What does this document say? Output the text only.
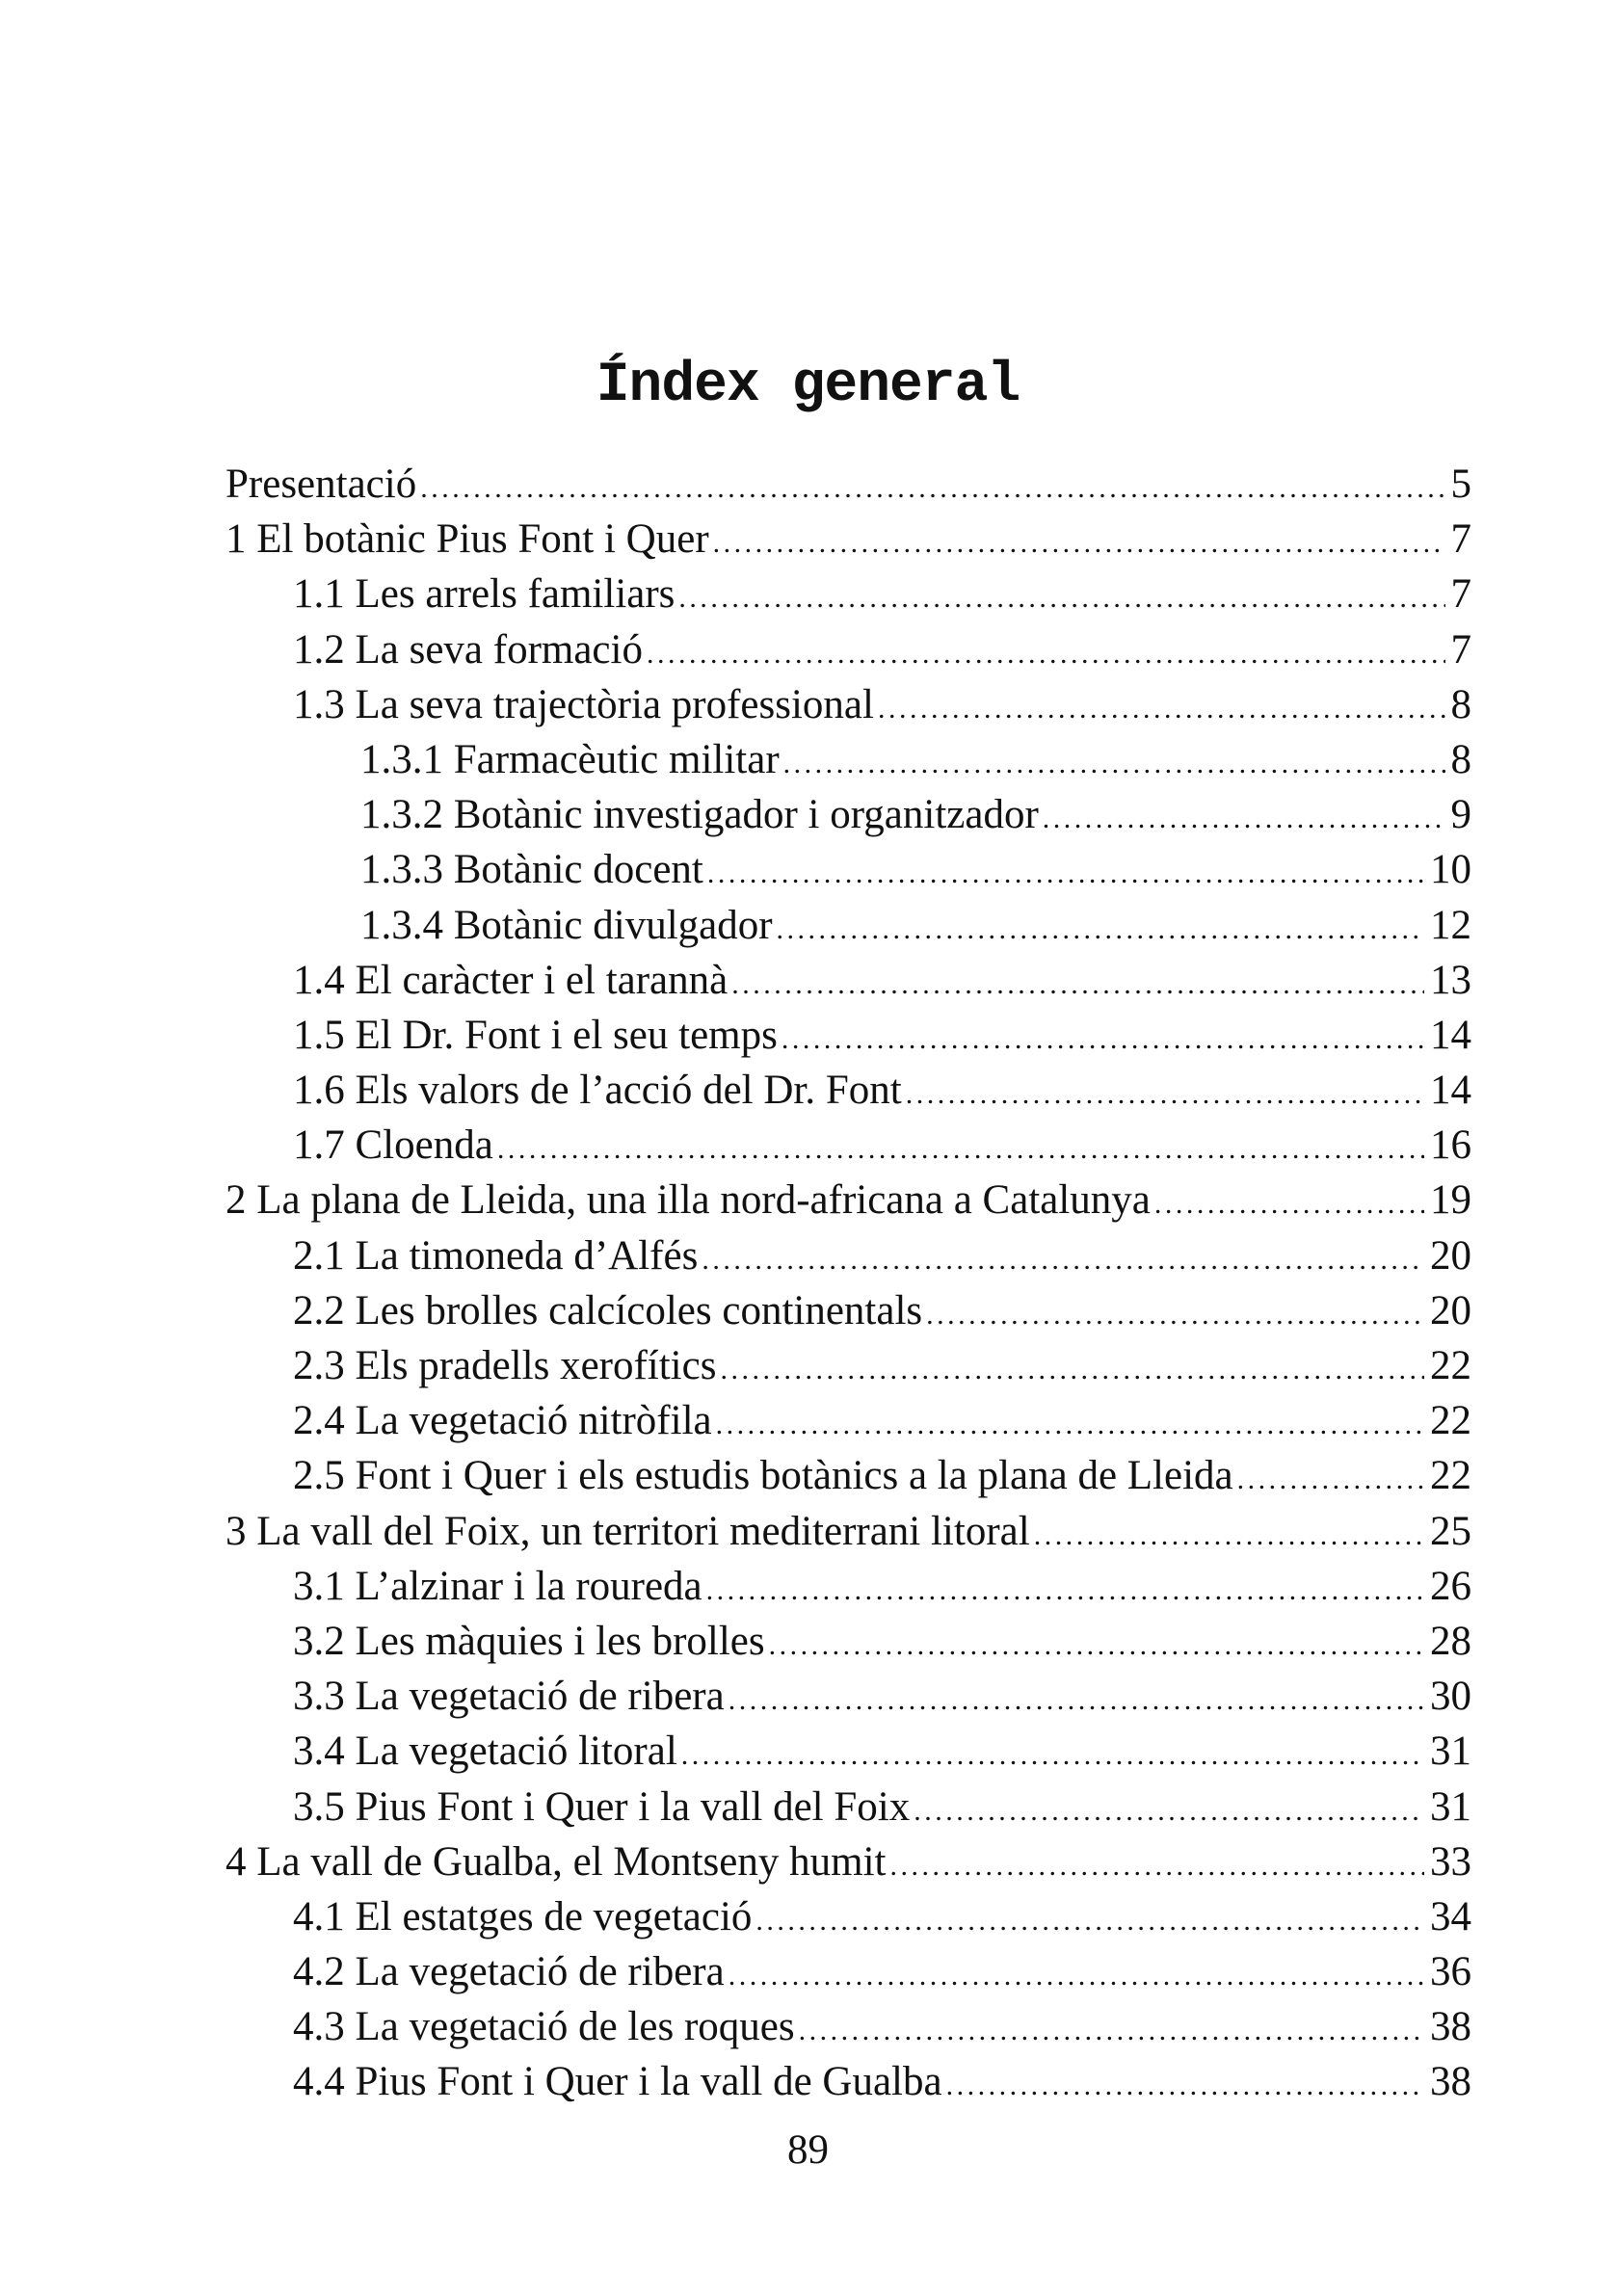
Índex general
Presentació . . .	5
1 El botànic Pius Font i Quer . . .	7
1.1 Les arrels familiars . . .	7
1.2 La seva formació . . .	7
1.3 La seva trajectòria professional . . .	8
1.3.1 Farmacèutic militar . . .	8
1.3.2 Botànic investigador i organitzador . . .	9
1.3.3 Botànic docent . . .	10
1.3.4 Botànic divulgador . . .	12
1.4 El caràcter i el tarannà . . .	13
1.5 El Dr. Font i el seu temps . . .	14
1.6 Els valors de l’acció del Dr. Font . . .	14
1.7 Cloenda . . .	16
2 La plana de Lleida, una illa nord-africana a Catalunya . . .	19
2.1 La timoneda d’Alfés . . .	20
2.2 Les brolles calcícoles continentals . . .	20
2.3 Els pradells xerofítics . . .	22
2.4 La vegetació nitròfila . . .	22
2.5 Font i Quer i els estudis botànics a la plana de Lleida . . .	22
3 La vall del Foix, un territori mediterrani litoral . . .	25
3.1 L’alzinar i la roureda . . .	26
3.2 Les màquies i les brolles . . .	28
3.3 La vegetació de ribera . . .	30
3.4 La vegetació litoral . . .	31
3.5 Pius Font i Quer i la vall del Foix . . .	31
4 La vall de Gualba, el Montseny humit . . .	33
4.1 El estatges de vegetació . . .	34
4.2 La vegetació de ribera . . .	36
4.3 La vegetació de les roques . . .	38
4.4 Pius Font i Quer i la vall de Gualba . . .	38
89
